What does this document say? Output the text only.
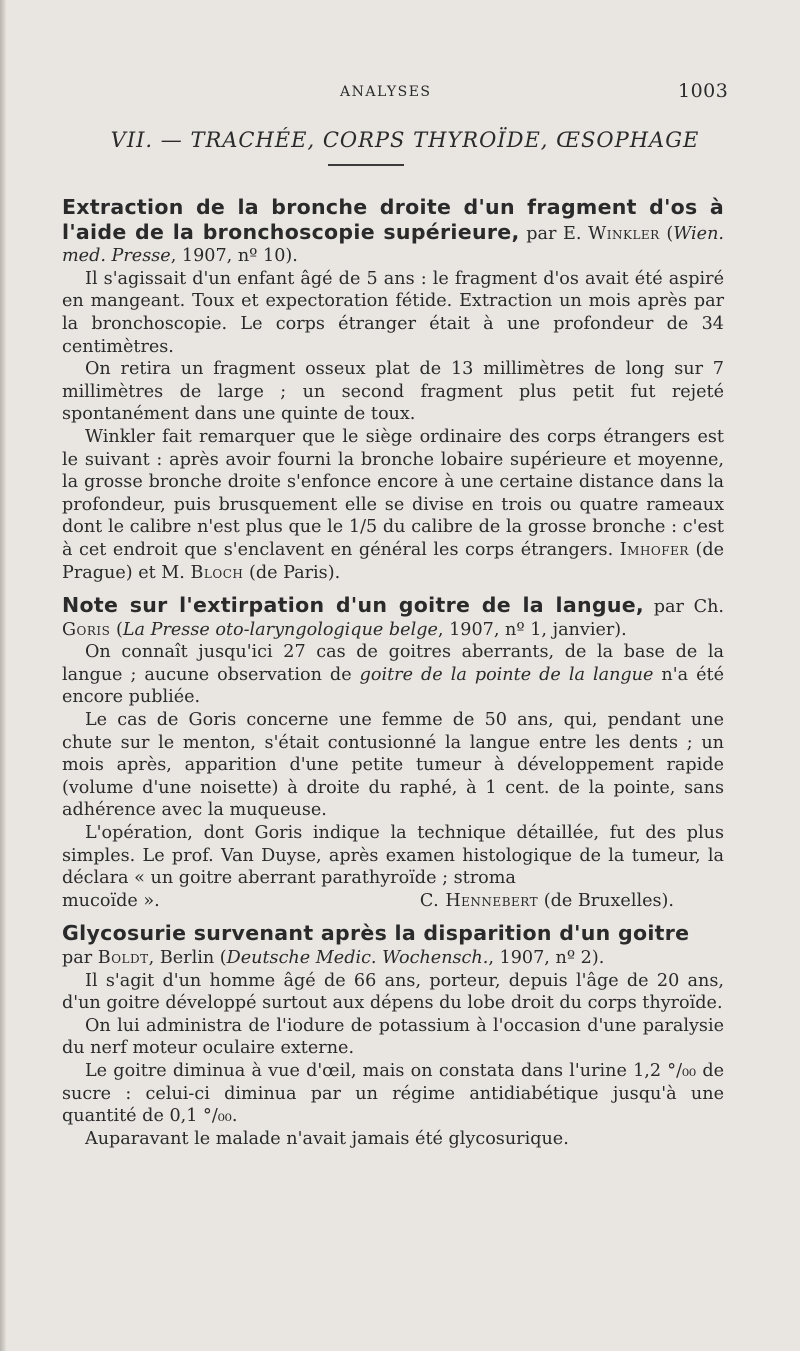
ANALYSES	1003
VII. — TRACHÉE, CORPS THYROÏDE, ŒSOPHAGE

Extraction de la bronche droite d'un fragment d'os à l'aide de la bronchoscopie supérieure, par E. Winkler (Wien. med. Presse, 1907, nº 10).

Il s'agissait d'un enfant âgé de 5 ans : le fragment d'os avait été aspiré en mangeant. Toux et expectoration fétide. Extraction un mois après par la bronchoscopie. Le corps étranger était à une profondeur de 34 centimètres.

On retira un fragment osseux plat de 13 millimètres de long sur 7 millimètres de large ; un second fragment plus petit fut rejeté spontanément dans une quinte de toux.

Winkler fait remarquer que le siège ordinaire des corps étrangers est le suivant : après avoir fourni la bronche lobaire supérieure et moyenne, la grosse bronche droite s'enfonce encore à une certaine distance dans la profondeur, puis brusquement elle se divise en trois ou quatre rameaux dont le calibre n'est plus que le 1/5 du calibre de la grosse bronche : c'est à cet endroit que s'enclavent en général les corps étrangers. Imhofer (de Prague) et M. Bloch (de Paris).

Note sur l'extirpation d'un goitre de la langue, par Ch. Goris (La Presse oto-laryngologique belge, 1907, nº 1, janvier).

On connaît jusqu'ici 27 cas de goitres aberrants, de la base de la langue ; aucune observation de goitre de la pointe de la langue n'a été encore publiée.

Le cas de Goris concerne une femme de 50 ans, qui, pendant une chute sur le menton, s'était contusionné la langue entre les dents ; un mois après, apparition d'une petite tumeur à développement rapide (volume d'une noisette) à droite du raphé, à 1 cent. de la pointe, sans adhérence avec la muqueuse.

L'opération, dont Goris indique la technique détaillée, fut des plus simples. Le prof. Van Duyse, après examen histologique de la tumeur, la déclara « un goitre aberrant parathyroïde ; stroma

mucoïde ».	C. Hennebert (de Bruxelles).

Glycosurie survenant après la disparition d'un goitre
par Boldt, Berlin (Deutsche Medic. Wochensch., 1907, nº 2).

Il s'agit d'un homme âgé de 66 ans, porteur, depuis l'âge de 20 ans, d'un goitre développé surtout aux dépens du lobe droit du corps thyroïde.

On lui administra de l'iodure de potassium à l'occasion d'une paralysie du nerf moteur oculaire externe.

Le goitre diminua à vue d'œil, mais on constata dans l'urine 1,2 °/₀₀ de sucre : celui-ci diminua par un régime antidiabétique jusqu'à une quantité de 0,1 °/₀₀.

Auparavant le malade n'avait jamais été glycosurique.
